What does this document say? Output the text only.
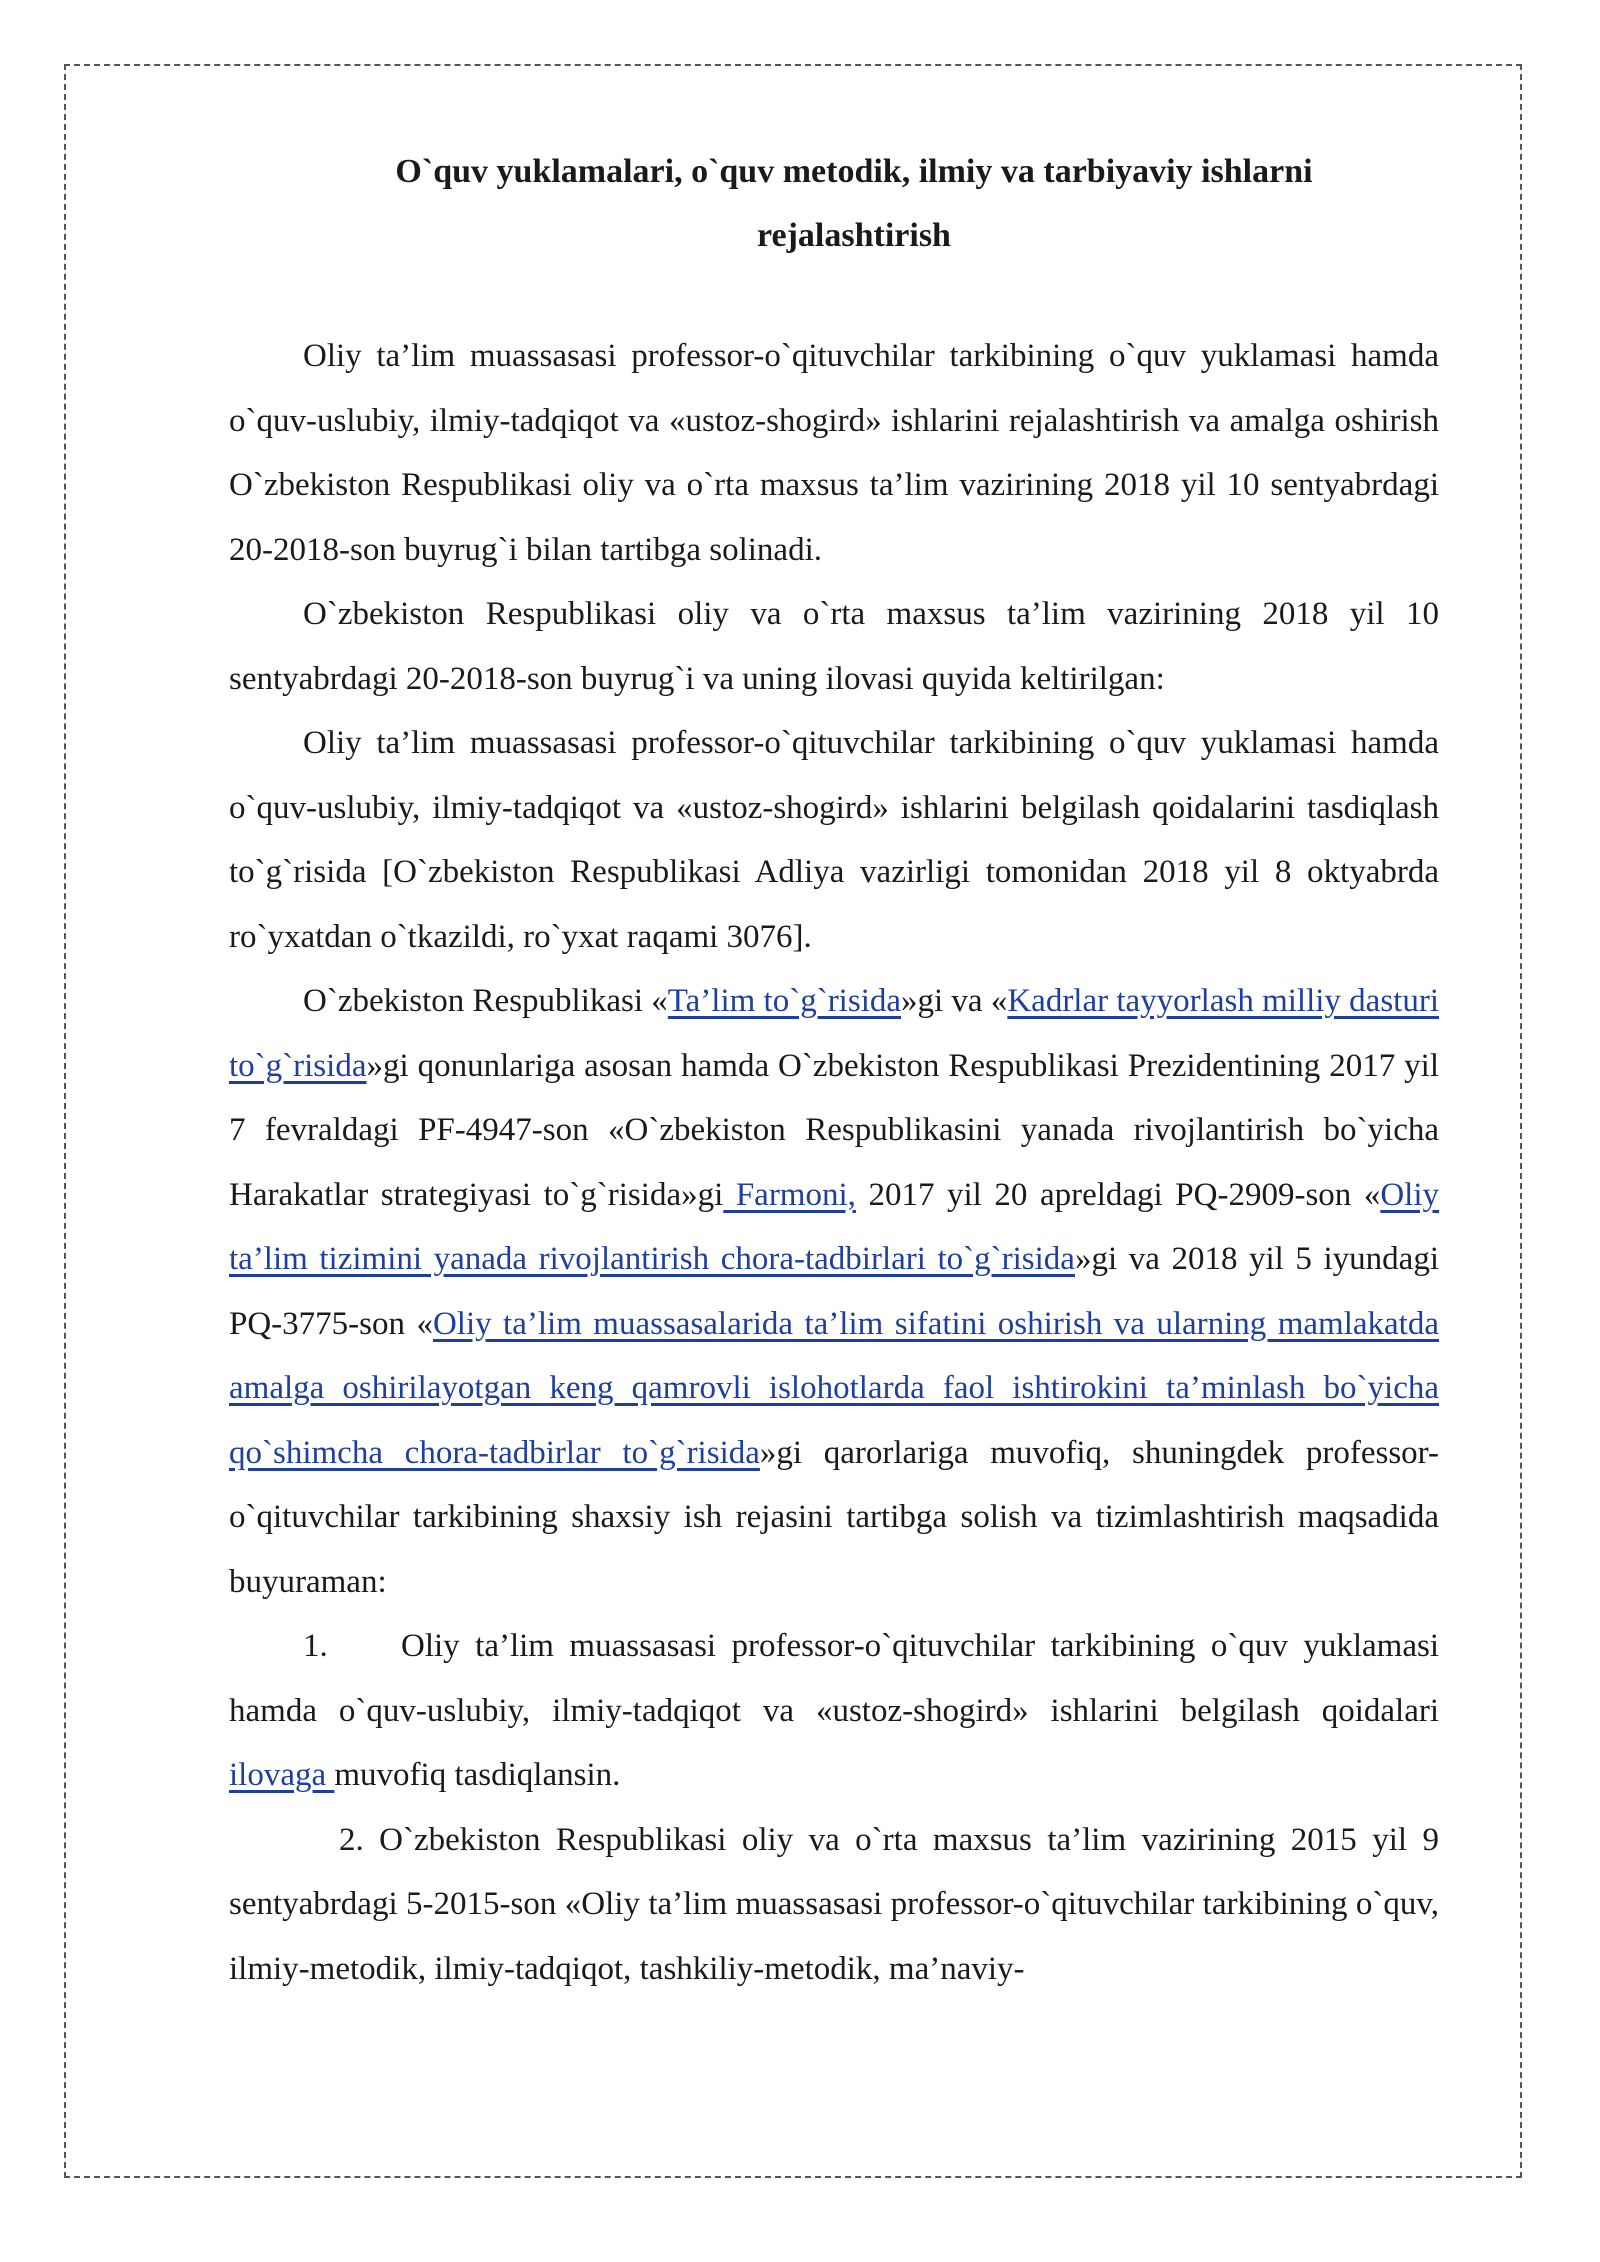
O`quv yuklamalari, o`quv metodik, ilmiy va tarbiyaviy ishlarni
rejalashtirish

Oliy ta’lim muassasasi professor-o`qituvchilar tarkibining o`quv yuklamasi hamda o`quv-uslubiy, ilmiy-tadqiqot va «ustoz-shogird» ishlarini rejalashtirish va amalga oshirish O`zbekiston Respublikasi oliy va o`rta maxsus ta’lim vazirining 2018 yil 10 sentyabrdagi 20-2018-son buyrug`i bilan tartibga solinadi.

O`zbekiston Respublikasi oliy va o`rta maxsus ta’lim vazirining 2018 yil 10 sentyabrdagi 20-2018-son buyrug`i va uning ilovasi quyida keltirilgan:

Oliy ta’lim muassasasi professor-o`qituvchilar tarkibining o`quv yuklamasi hamda o`quv-uslubiy, ilmiy-tadqiqot va «ustoz-shogird» ishlarini belgilash qoidalarini tasdiqlash to`g`risida [O`zbekiston Respublikasi Adliya vazirligi tomonidan 2018 yil 8 oktyabrda ro`yxatdan o`tkazildi, ro`yxat raqami 3076].

O`zbekiston Respublikasi «Ta’lim to`g`risida»gi va «Kadrlar tayyorlash milliy dasturi to`g`risida»gi qonunlariga asosan hamda O`zbekiston Respublikasi Prezidentining 2017 yil 7 fevraldagi PF-4947-son «O`zbekiston Respublikasini yanada rivojlantirish bo`yicha Harakatlar strategiyasi to`g`risida»gi Farmoni, 2017 yil 20 apreldagi PQ-2909-son «Oliy ta’lim tizimini yanada rivojlantirish chora-tadbirlari to`g`risida»gi va 2018 yil 5 iyundagi PQ-3775-son «Oliy ta’lim muassasalarida ta’lim sifatini oshirish va ularning mamlakatda amalga oshirilayotgan keng qamrovli islohotlarda faol ishtirokini ta’minlash bo`yicha qo`shimcha chora-tadbirlar to`g`risida»gi qarorlariga muvofiq, shuningdek professor-o`qituvchilar tarkibining shaxsiy ish rejasini tartibga solish va tizimlashtirish maqsadida buyuraman:

1. Oliy ta’lim muassasasi professor-o`qituvchilar tarkibining o`quv yuklamasi hamda o`quv-uslubiy, ilmiy-tadqiqot va «ustoz-shogird» ishlarini belgilash qoidalari ilovaga muvofiq tasdiqlansin.

2. O`zbekiston Respublikasi oliy va o`rta maxsus ta’lim vazirining 2015 yil 9 sentyabrdagi 5-2015-son «Oliy ta’lim muassasasi professor-o`qituvchilar tarkibining o`quv, ilmiy-metodik, ilmiy-tadqiqot, tashkiliy-metodik, ma’naviy-
